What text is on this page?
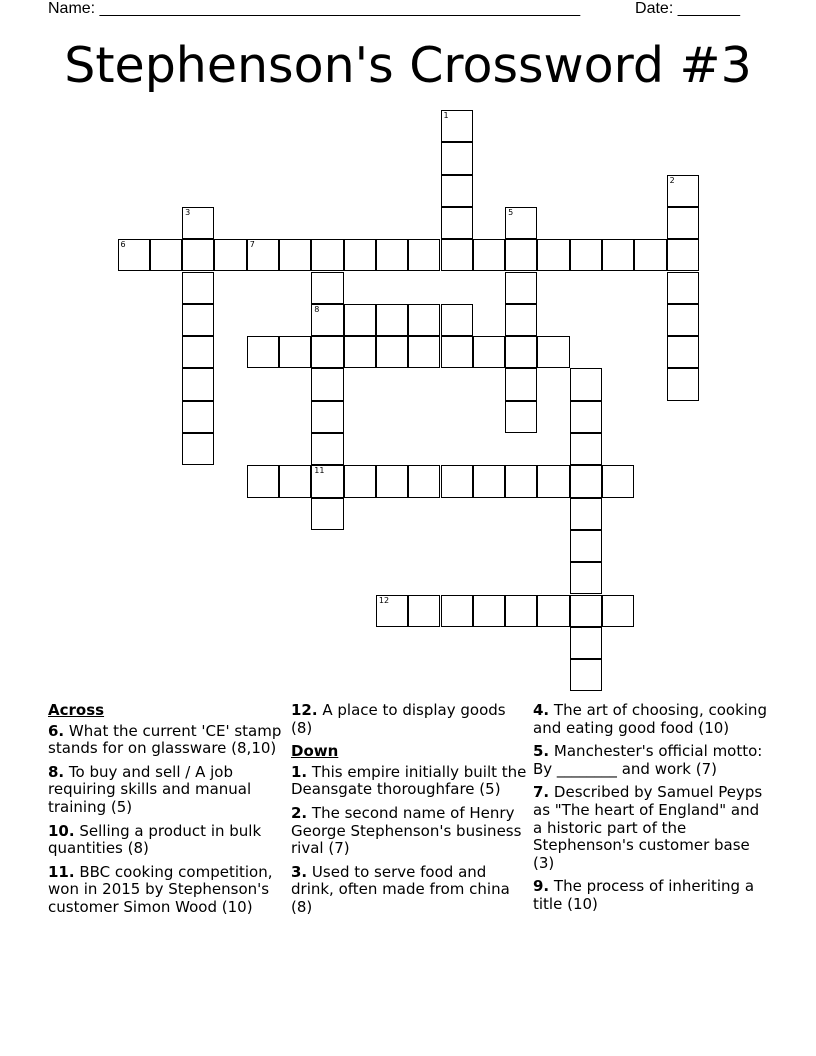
Name: ______________________________________________________	Date: _______
Stephenson's Crossword #3
1
2
3
6	7
8
5
11
12
Across
6. What the current 'CE' stamp stands for on glassware (8,10)
8. To buy and sell / A job requiring skills and manual training (5)
10. Selling a product in bulk quantities (8)
11. BBC cooking competition, won in 2015 by Stephenson's customer Simon Wood (10)
12. A place to display goods (8)
Down
1. This empire initially built the Deansgate thoroughfare (5)
2. The second name of Henry George Stephenson's business rival (7)
3. Used to serve food and drink, often made from china (8)
4. The art of choosing, cooking and eating good food (10)
5. Manchester's official motto: By ________ and work (7)
7. Described by Samuel Peyps as "The heart of England" and a historic part of the Stephenson's customer base (3)
9. The process of inheriting a title (10)
